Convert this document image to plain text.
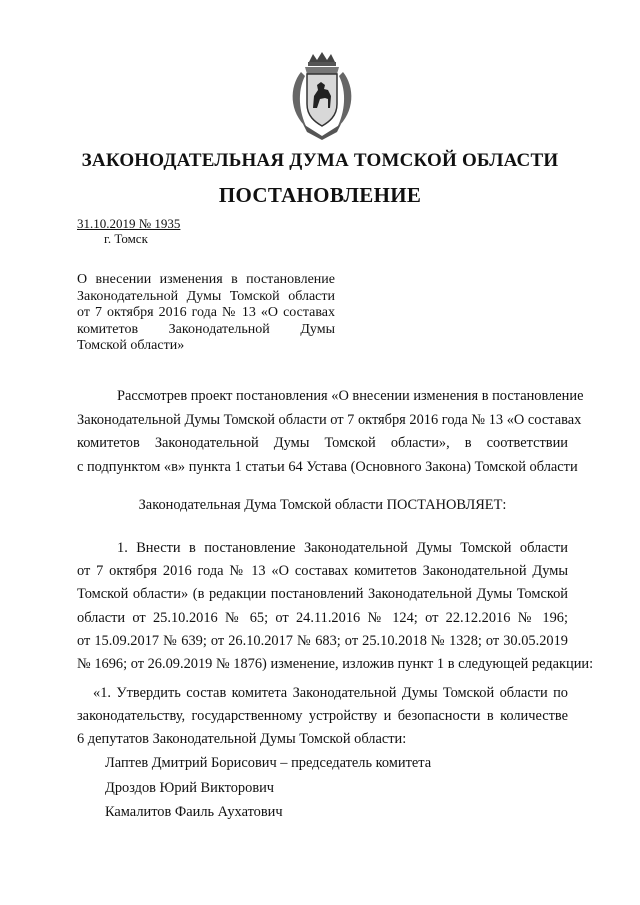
ЗАКОНОДАТЕЛЬНАЯ ДУМА ТОМСКОЙ ОБЛАСТИ
ПОСТАНОВЛЕНИЕ
31.10.2019 № 1935
г. Томск

О внесении изменения в постановление
Законодательной Думы Томской области
от 7 октября 2016 года № 13 «О составах
комитетов Законодательной Думы
Томской области»

Рассмотрев проект постановления «О внесении изменения в постановление
Законодательной Думы Томской области от 7 октября 2016 года № 13 «О составах
комитетов Законодательной Думы Томской области», в соответствии
с подпунктом «в» пункта 1 статьи 64 Устава (Основного Закона) Томской области

Законодательная Дума Томской области ПОСТАНОВЛЯЕТ:

1. Внести в постановление Законодательной Думы Томской области
от 7 октября 2016 года № 13 «О составах комитетов Законодательной Думы
Томской области» (в редакции постановлений Законодательной Думы Томской
области от 25.10.2016 № 65; от 24.11.2016 № 124; от 22.12.2016 № 196;
от 15.09.2017 № 639; от 26.10.2017 № 683; от 25.10.2018 № 1328; от 30.05.2019
№ 1696; от 26.09.2019 № 1876) изменение, изложив пункт 1 в следующей редакции:

«1. Утвердить состав комитета Законодательной Думы Томской области по
законодательству, государственному устройству и безопасности в количестве
6 депутатов Законодательной Думы Томской области:

Лаптев Дмитрий Борисович – председатель комитета
Дроздов Юрий Викторович
Камалитов Фаиль Аухатович
